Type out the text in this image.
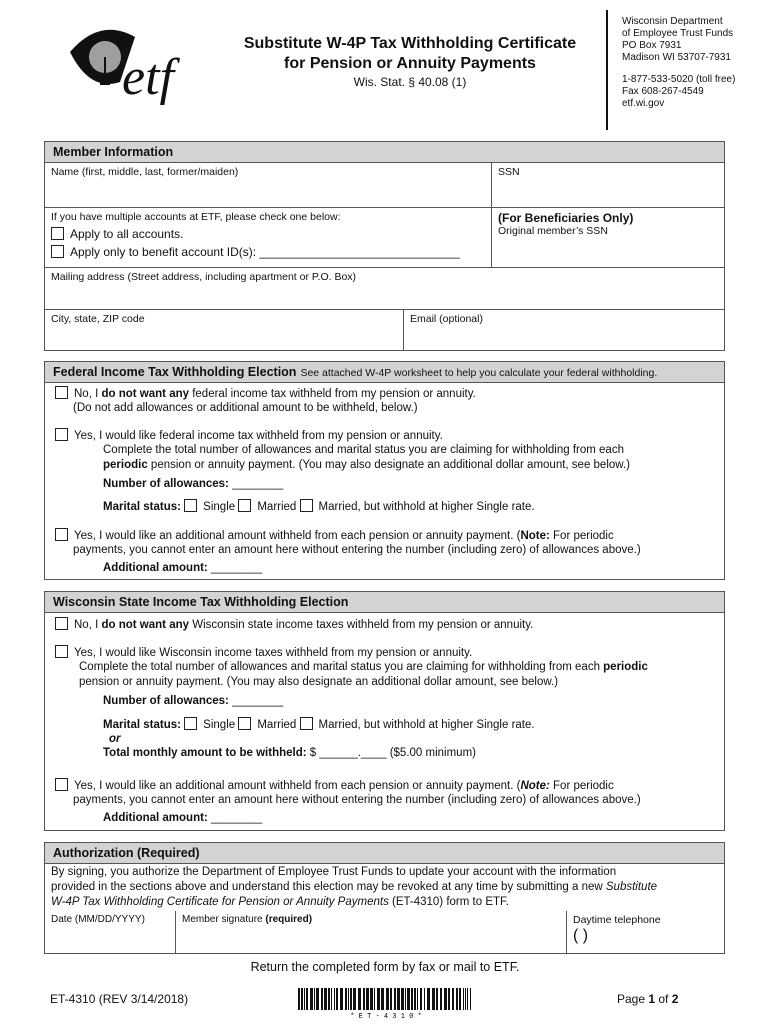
etf
Substitute W-4P Tax Withholding Certificate
for Pension or Annuity Payments
Wis. Stat. § 40.08 (1)
Wisconsin Department
of Employee Trust Funds
PO Box 7931
Madison WI 53707-7931
1-877-533-5020 (toll free)
Fax 608-267-4549
etf.wi.gov
Member Information
Name (first, middle, last, former/maiden)	SSN
If you have multiple accounts at ETF, please check one below:
Apply to all accounts.
Apply only to benefit account ID(s): ______________________________
(For Beneficiaries Only)
Original member’s SSN
Mailing address (Street address, including apartment or P.O. Box)
City, state, ZIP code	Email (optional)
Federal Income Tax Withholding Election See attached W-4P worksheet to help you calculate your federal withholding.
No, I do not want any federal income tax withheld from my pension or annuity.
(Do not add allowances or additional amount to be withheld, below.)
Yes, I would like federal income tax withheld from my pension or annuity.
Complete the total number of allowances and marital status you are claiming for withholding from each
periodic pension or annuity payment. (You may also designate an additional dollar amount, see below.)
Number of allowances: ________
Marital status: Single Married Married, but withhold at higher Single rate.
Yes, I would like an additional amount withheld from each pension or annuity payment. (Note: For periodic
payments, you cannot enter an amount here without entering the number (including zero) of allowances above.)
Additional amount: ________
Wisconsin State Income Tax Withholding Election
No, I do not want any Wisconsin state income taxes withheld from my pension or annuity.
Yes, I would like Wisconsin income taxes withheld from my pension or annuity.
Complete the total number of allowances and marital status you are claiming for withholding from each periodic
pension or annuity payment. (You may also designate an additional dollar amount, see below.)
Number of allowances: ________
Marital status: Single Married Married, but withhold at higher Single rate.
or
Total monthly amount to be withheld: $ ______.____ ($5.00 minimum)
Yes, I would like an additional amount withheld from each pension or annuity payment. (Note: For periodic
payments, you cannot enter an amount here without entering the number (including zero) of allowances above.)
Additional amount: ________
Authorization (Required)
By signing, you authorize the Department of Employee Trust Funds to update your account with the information
provided in the sections above and understand this election may be revoked at any time by submitting a new Substitute
W-4P Tax Withholding Certificate for Pension or Annuity Payments (ET-4310) form to ETF.
Date (MM/DD/YYYY)	Member signature (required)	Daytime telephone
( )
Return the completed form by fax or mail to ETF.
ET-4310 (REV 3/14/2018)
* E T - 4 3 1 0 *
Page 1 of 2
